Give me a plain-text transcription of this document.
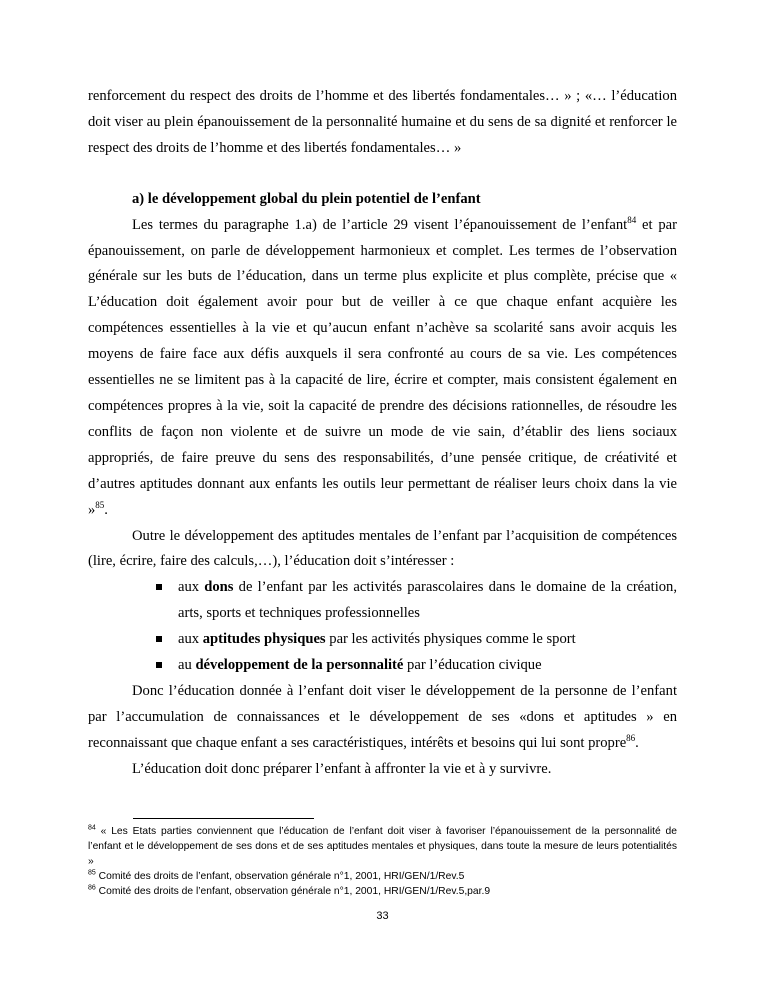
renforcement du respect des droits de l’homme et des libertés fondamentales… » ; «… l’éducation doit viser au plein épanouissement de la personnalité humaine et du sens de sa dignité et renforcer le respect des droits de l’homme et des libertés fondamentales… »

a) le développement global du plein potentiel de l’enfant

Les termes du paragraphe 1.a) de l’article 29 visent l’épanouissement de l’enfant$^{84}$ et par épanouissement, on parle de développement harmonieux et complet. Les termes de l’observation générale sur les buts de l’éducation, dans un terme plus explicite et plus complète, précise que « L’éducation doit également avoir pour but de veiller à ce que chaque enfant acquière les compétences essentielles à la vie et qu’aucun enfant n’achève sa scolarité sans avoir acquis les moyens de faire face aux défis auxquels il sera confronté au cours de sa vie. Les compétences essentielles ne se limitent pas à la capacité de lire, écrire et compter, mais consistent également en compétences propres à la vie, soit la capacité de prendre des décisions rationnelles, de résoudre les conflits de façon non violente et de suivre un mode de vie sain, d’établir des liens sociaux appropriés, de faire preuve du sens des responsabilités, d’une pensée critique, de créativité et d’autres aptitudes donnant aux enfants les outils leur permettant de réaliser leurs choix dans la vie »$^{85}$.

Outre le développement des aptitudes mentales de l’enfant par l’acquisition de compétences (lire, écrire, faire des calculs,…), l’éducation doit s’intéresser :

aux dons de l’enfant par les activités parascolaires dans le domaine de la création, arts, sports et techniques professionnelles
aux aptitudes physiques par les activités physiques comme le sport
au développement de la personnalité par l’éducation civique

Donc l’éducation donnée à l’enfant doit viser le développement de la personne de l’enfant par l’accumulation de connaissances et le développement de ses «dons et aptitudes » en reconnaissant que chaque enfant a ses caractéristiques, intérêts et besoins qui lui sont propre$^{86}$.

L’éducation doit donc préparer l’enfant à affronter la vie et à y survivre.

$^{84}$ « Les Etats parties conviennent que l’éducation de l’enfant doit viser à favoriser l’épanouissement de la personnalité de l’enfant et le développement de ses dons et de ses aptitudes mentales et physiques, dans toute la mesure de leurs potentialités »

$^{85}$ Comité des droits de l’enfant, observation générale n°1, 2001, HRI/GEN/1/Rev.5

$^{86}$ Comité des droits de l’enfant, observation générale n°1, 2001, HRI/GEN/1/Rev.5,par.9

33
